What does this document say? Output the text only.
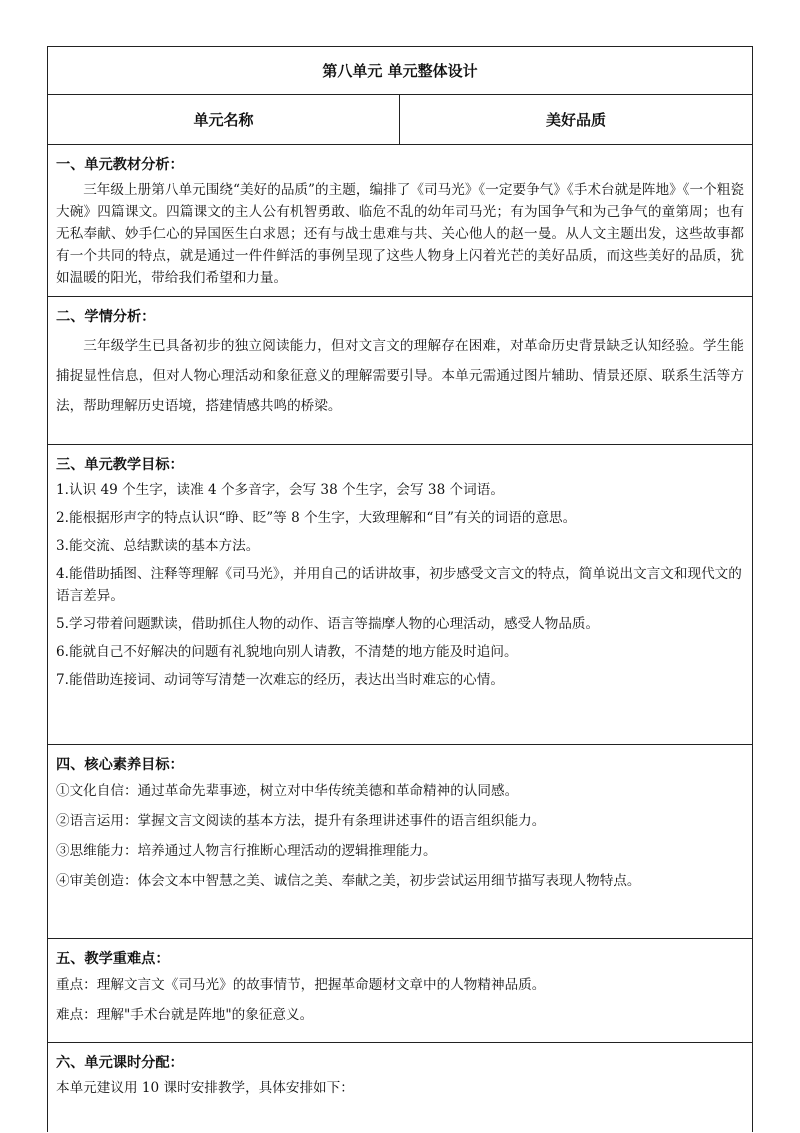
第八单元 单元整体设计
单元名称	美好品质
一、单元教材分析：

三年级上册第八单元围绕“美好的品质”的主题，编排了《司马光》《一定要争气》《手术台就是阵地》《一个粗瓷大碗》四篇课文。四篇课文的主人公有机智勇敢、临危不乱的幼年司马光；有为国争气和为己争气的童第周；也有无私奉献、妙手仁心的异国医生白求恩；还有与战士患难与共、关心他人的赵一曼。从人文主题出发，这些故事都有一个共同的特点，就是通过一件件鲜活的事例呈现了这些人物身上闪着光芒的美好品质，而这些美好的品质，犹如温暖的阳光，带给我们希望和力量。

二、学情分析：

三年级学生已具备初步的独立阅读能力，但对文言文的理解存在困难，对革命历史背景缺乏认知经验。学生能捕捉显性信息，但对人物心理活动和象征意义的理解需要引导。本单元需通过图片辅助、情景还原、联系生活等方法，帮助理解历史语境，搭建情感共鸣的桥梁。

三、单元教学目标：

1.认识 49 个生字，读准 4 个多音字，会写 38 个生字，会写 38 个词语。

2.能根据形声字的特点认识“睁、眨”等 8 个生字，大致理解和“目”有关的词语的意思。

3.能交流、总结默读的基本方法。

4.能借助插图、注释等理解《司马光》，并用自己的话讲故事，初步感受文言文的特点，简单说出文言文和现代文的语言差异。

5.学习带着问题默读，借助抓住人物的动作、语言等揣摩人物的心理活动，感受人物品质。

6.能就自己不好解决的问题有礼貌地向别人请教，不清楚的地方能及时追问。

7.能借助连接词、动词等写清楚一次难忘的经历，表达出当时难忘的心情。

四、核心素养目标：

①文化自信：通过革命先辈事迹，树立对中华传统美德和革命精神的认同感。

②语言运用：掌握文言文阅读的基本方法，提升有条理讲述事件的语言组织能力。

③思维能力：培养通过人物言行推断心理活动的逻辑推理能力。

④审美创造：体会文本中智慧之美、诚信之美、奉献之美，初步尝试运用细节描写表现人物特点。

五、教学重难点：

重点：理解文言文《司马光》的故事情节，把握革命题材文章中的人物精神品质。

难点：理解"手术台就是阵地"的象征意义。

六、单元课时分配：

本单元建议用 10 课时安排教学，具体安排如下：
